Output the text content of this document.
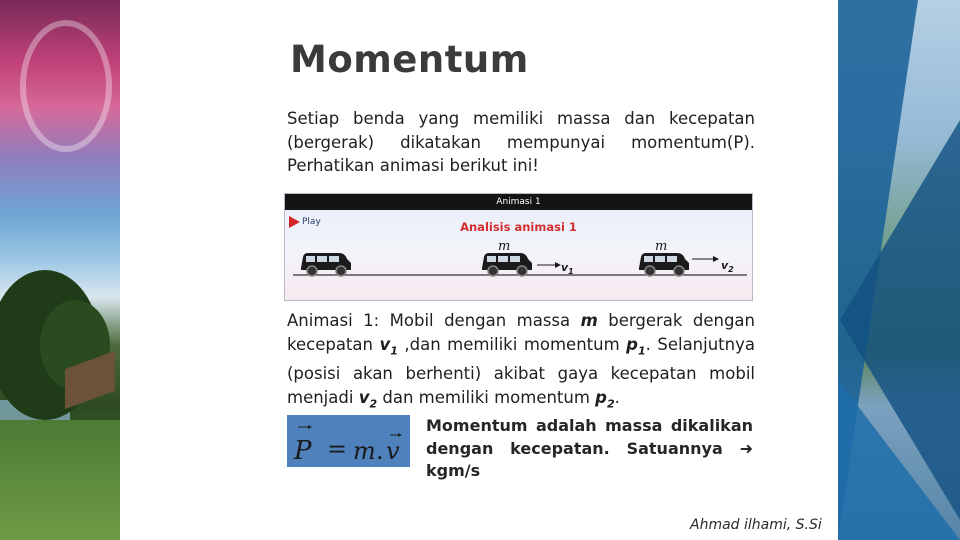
Momentum
Setiap benda yang memiliki massa dan kecepatan (bergerak) dikatakan mempunyai momentum(P). Perhatikan animasi berikut ini!
Animasi 1
Play	Analisis animasi 1
m	m
$v_1$	$v_2$
Animasi 1: Mobil dengan massa m bergerak dengan kecepatan $v_1$ ,dan memiliki momentum $p_1$. Selanjutnya (posisi akan berhenti) akibat gaya kecepatan mobil menjadi $v_2$ dan memiliki momentum $p_2$.
P = m . v
Momentum adalah massa dikalikan dengan kecepatan. Satuannya ➜ kgm/s
Ahmad ilhami, S.Si
